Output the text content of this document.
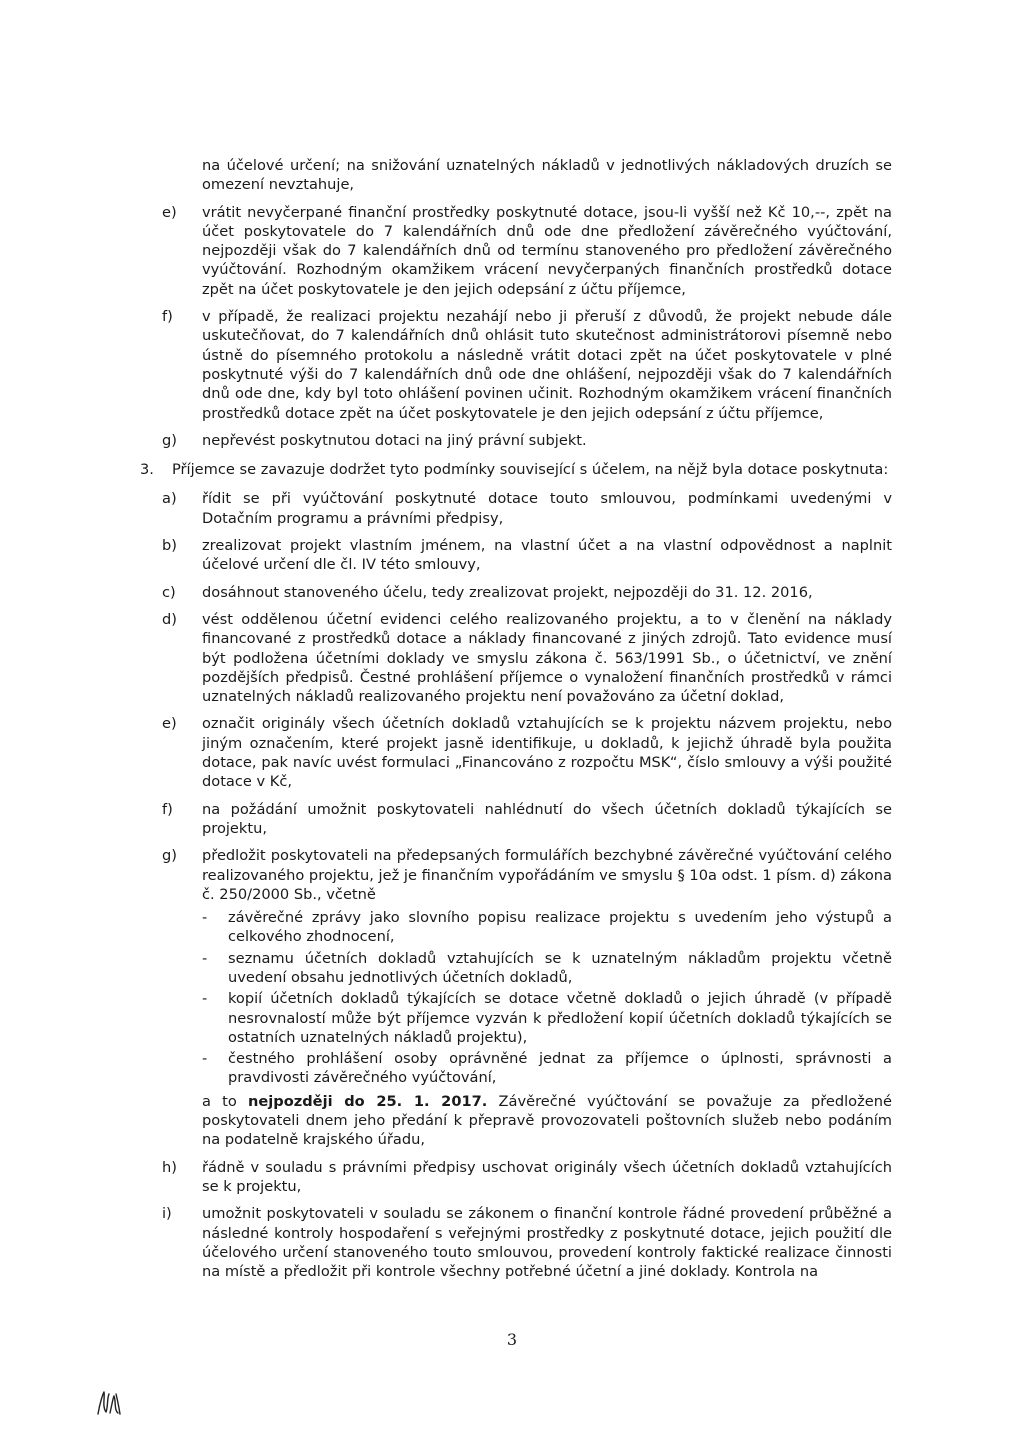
na účelové určení; na snižování uznatelných nákladů v jednotlivých nákladových druzích se omezení nevztahuje,

e) vrátit nevyčerpané finanční prostředky poskytnuté dotace, jsou-li vyšší než Kč 10,--, zpět na účet poskytovatele do 7 kalendářních dnů ode dne předložení závěrečného vyúčtování, nejpozději však do 7 kalendářních dnů od termínu stanoveného pro předložení závěrečného vyúčtování. Rozhodným okamžikem vrácení nevyčerpaných finančních prostředků dotace zpět na účet poskytovatele je den jejich odepsání z účtu příjemce,

f) v případě, že realizaci projektu nezahájí nebo ji přeruší z důvodů, že projekt nebude dále uskutečňovat, do 7 kalendářních dnů ohlásit tuto skutečnost administrátorovi písemně nebo ústně do písemného protokolu a následně vrátit dotaci zpět na účet poskytovatele v plné poskytnuté výši do 7 kalendářních dnů ode dne ohlášení, nejpozději však do 7 kalendářních dnů ode dne, kdy byl toto ohlášení povinen učinit. Rozhodným okamžikem vrácení finančních prostředků dotace zpět na účet poskytovatele je den jejich odepsání z účtu příjemce,

g) nepřevést poskytnutou dotaci na jiný právní subjekt.

3. Příjemce se zavazuje dodržet tyto podmínky související s účelem, na nějž byla dotace poskytnuta:

a) řídit se při vyúčtování poskytnuté dotace touto smlouvou, podmínkami uvedenými v Dotačním programu a právními předpisy,

b) zrealizovat projekt vlastním jménem, na vlastní účet a na vlastní odpovědnost a naplnit účelové určení dle čl. IV této smlouvy,

c) dosáhnout stanoveného účelu, tedy zrealizovat projekt, nejpozději do 31. 12. 2016,

d) vést oddělenou účetní evidenci celého realizovaného projektu, a to v členění na náklady financované z prostředků dotace a náklady financované z jiných zdrojů. Tato evidence musí být podložena účetními doklady ve smyslu zákona č. 563/1991 Sb., o účetnictví, ve znění pozdějších předpisů. Čestné prohlášení příjemce o vynaložení finančních prostředků v rámci uznatelných nákladů realizovaného projektu není považováno za účetní doklad,

e) označit originály všech účetních dokladů vztahujících se k projektu názvem projektu, nebo jiným označením, které projekt jasně identifikuje, u dokladů, k jejichž úhradě byla použita dotace, pak navíc uvést formulaci „Financováno z rozpočtu MSK“, číslo smlouvy a výši použité dotace v Kč,

f) na požádání umožnit poskytovateli nahlédnutí do všech účetních dokladů týkajících se projektu,

g) předložit poskytovateli na předepsaných formulářích bezchybné závěrečné vyúčtování celého realizovaného projektu, jež je finančním vypořádáním ve smyslu § 10a odst. 1 písm. d) zákona č. 250/2000 Sb., včetně

- závěrečné zprávy jako slovního popisu realizace projektu s uvedením jeho výstupů a celkového zhodnocení,
- seznamu účetních dokladů vztahujících se k uznatelným nákladům projektu včetně uvedení obsahu jednotlivých účetních dokladů,
- kopií účetních dokladů týkajících se dotace včetně dokladů o jejich úhradě (v případě nesrovnalostí může být příjemce vyzván k předložení kopií účetních dokladů týkajících se ostatních uznatelných nákladů projektu),
- čestného prohlášení osoby oprávněné jednat za příjemce o úplnosti, správnosti a pravdivosti závěrečného vyúčtování,

a to nejpozději do 25. 1. 2017. Závěrečné vyúčtování se považuje za předložené poskytovateli dnem jeho předání k přepravě provozovateli poštovních služeb nebo podáním na podatelně krajského úřadu,

h) řádně v souladu s právními předpisy uschovat originály všech účetních dokladů vztahujících se k projektu,

i) umožnit poskytovateli v souladu se zákonem o finanční kontrole řádné provedení průběžné a následné kontroly hospodaření s veřejnými prostředky z poskytnuté dotace, jejich použití dle účelového určení stanoveného touto smlouvou, provedení kontroly faktické realizace činnosti na místě a předložit při kontrole všechny potřebné účetní a jiné doklady. Kontrola na

3
